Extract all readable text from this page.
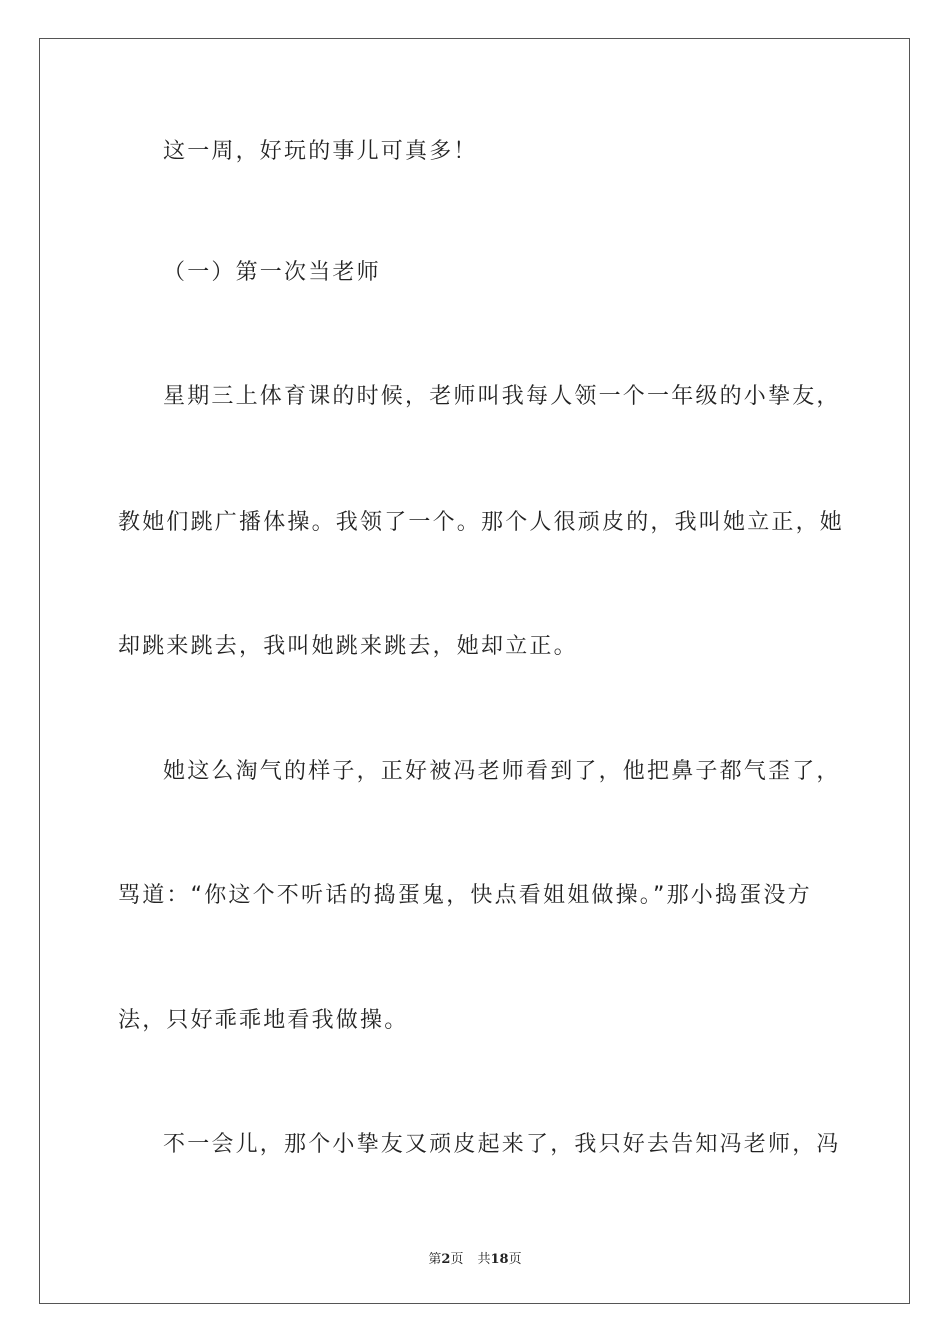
这一周，好玩的事儿可真多！
（一）第一次当老师
星期三上体育课的时候，老师叫我每人领一个一年级的小挚友，
教她们跳广播体操。我领了一个。那个人很顽皮的，我叫她立正，她
却跳来跳去，我叫她跳来跳去，她却立正。
她这么淘气的样子，正好被冯老师看到了，他把鼻子都气歪了，
骂道：“你这个不听话的捣蛋鬼，快点看姐姐做操。”那小捣蛋没方
法，只好乖乖地看我做操。
不一会儿，那个小挚友又顽皮起来了，我只好去告知冯老师，冯
第2页 共18页
